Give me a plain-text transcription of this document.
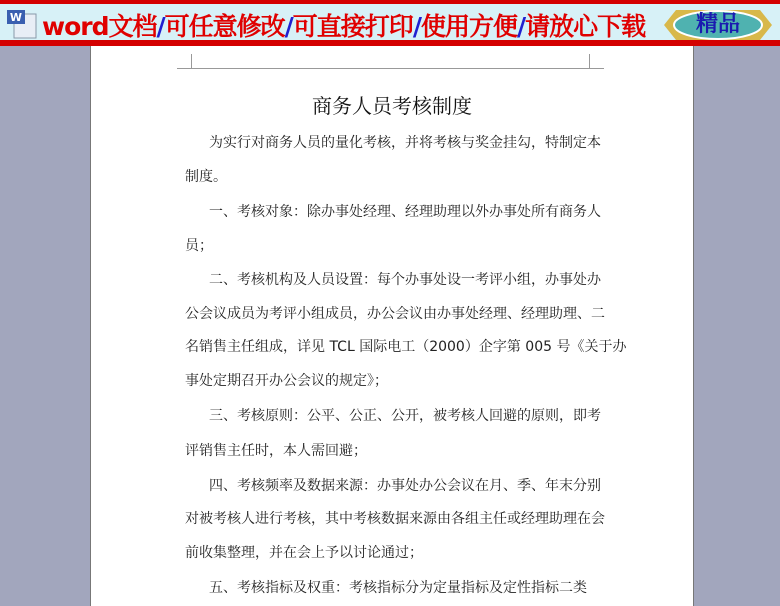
W word文档/可任意修改/可直接打印/使用方便/请放心下载	精品
商务人员考核制度
为实行对商务人员的量化考核，并将考核与奖金挂勾，特制定本
制度。
一、考核对象：除办事处经理、经理助理以外办事处所有商务人
员；
二、考核机构及人员设置：每个办事处设一考评小组，办事处办
公会议成员为考评小组成员，办公会议由办事处经理、经理助理、二
名销售主任组成，详见 TCL 国际电工（2000）企字第 005 号《关于办
事处定期召开办公会议的规定》；
三、考核原则：公平、公正、公开，被考核人回避的原则，即考
评销售主任时，本人需回避；
四、考核频率及数据来源：办事处办公会议在月、季、年末分别
对被考核人进行考核，其中考核数据来源由各组主任或经理助理在会
前收集整理，并在会上予以讨论通过；
五、考核指标及权重：考核指标分为定量指标及定性指标二类
